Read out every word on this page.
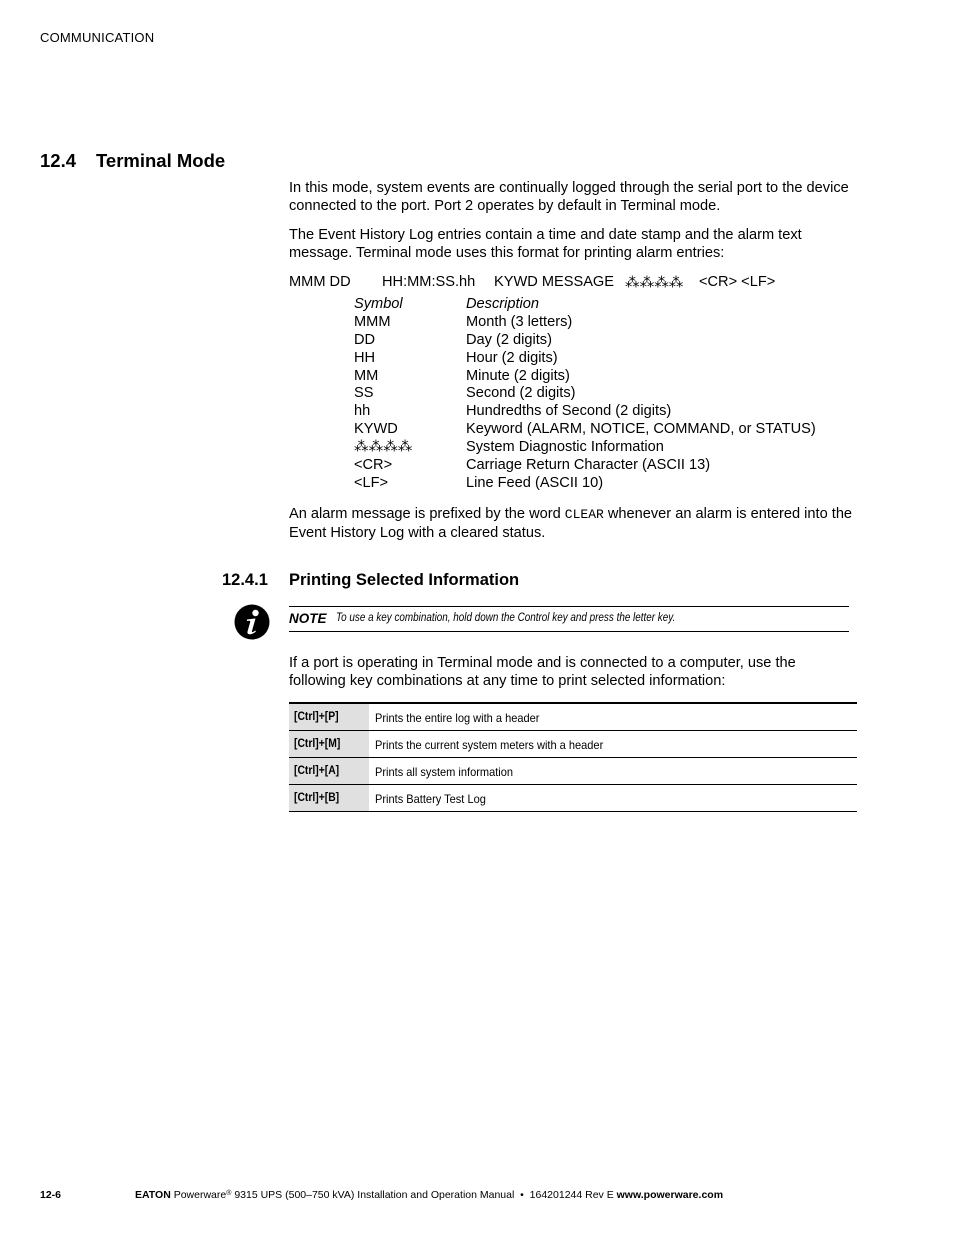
COMMUNICATION
12.4 Terminal Mode
In this mode, system events are continually logged through the serial port to the device connected to the port. Port 2 operates by default in Terminal mode.
The Event History Log entries contain a time and date stamp and the alarm text message. Terminal mode uses this format for printing alarm entries:
MMM DD HH:MM:SS.hh KYWD MESSAGE ⁂⁂⁂⁂ <CR> <LF>
Symbol	Description
MMM	Month (3 letters)
DD	Day (2 digits)
HH	Hour (2 digits)
MM	Minute (2 digits)
SS	Second (2 digits)
hh	Hundredths of Second (2 digits)
KYWD	Keyword (ALARM, NOTICE, COMMAND, or STATUS)
⁂⁂⁂⁂	System Diagnostic Information
<CR>	Carriage Return Character (ASCII 13)
<LF>	Line Feed (ASCII 10)
An alarm message is prefixed by the word CLEAR whenever an alarm is entered into the Event History Log with a cleared status.
12.4.1 Printing Selected Information
NOTE To use a key combination, hold down the Control key and press the letter key.
If a port is operating in Terminal mode and is connected to a computer, use the following key combinations at any time to print selected information:
[Ctrl]+[P]	Prints the entire log with a header
[Ctrl]+[M]	Prints the current system meters with a header
[Ctrl]+[A]	Prints all system information
[Ctrl]+[B]	Prints Battery Test Log
12-6	EATON Powerware® 9315 UPS (500–750 kVA) Installation and Operation Manual  •  164201244 Rev E www.powerware.com
